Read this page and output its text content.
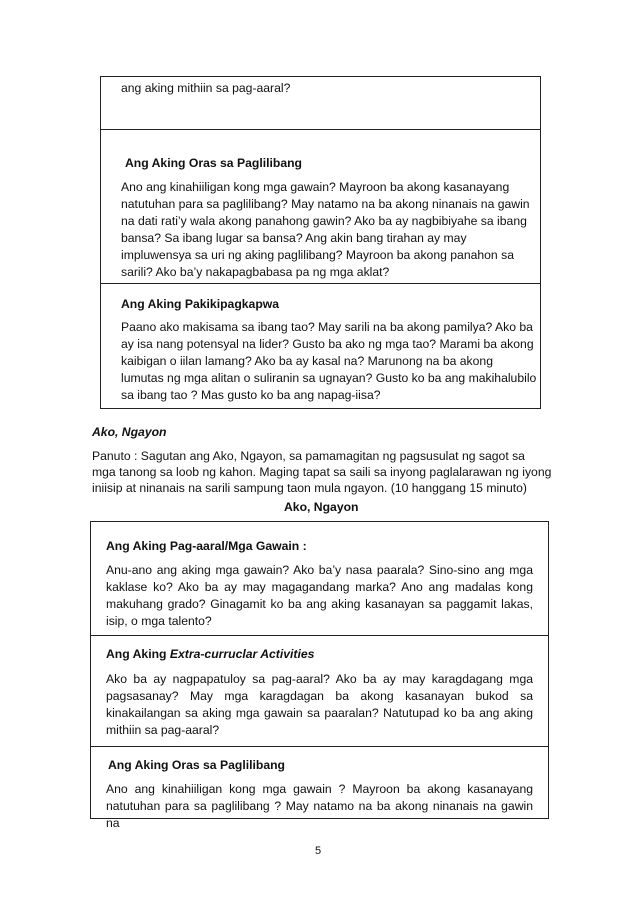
ang aking mithiin sa pag-aaral?
Ang Aking Oras sa Paglilibang
Ano ang kinahiiligan kong mga gawain? Mayroon ba akong kasanayang
natutuhan para sa paglilibang? May natamo na ba akong ninanais na gawin
na dati rati’y wala akong panahong gawin? Ako ba ay nagbibiyahe sa ibang
bansa? Sa ibang lugar sa bansa? Ang akin bang tirahan ay may
impluwensya sa uri ng aking paglilibang? Mayroon ba akong panahon sa
sarili? Ako ba’y nakapagbabasa pa ng mga aklat?
Ang Aking Pakikipagkapwa
Paano ako makisama sa ibang tao? May sarili na ba akong pamilya? Ako ba
ay isa nang potensyal na lider? Gusto ba ako ng mga tao? Marami ba akong
kaibigan o iilan lamang? Ako ba ay kasal na? Marunong na ba akong
lumutas ng mga alitan o suliranin sa ugnayan? Gusto ko ba ang makihalubilo
sa ibang tao ? Mas gusto ko ba ang napag-iisa?
Ako, Ngayon
Panuto : Sagutan ang Ako, Ngayon, sa pamamagitan ng pagsusulat ng sagot sa
mga tanong sa loob ng kahon. Maging tapat sa saili sa inyong paglalarawan ng iyong
iniisip at ninanais na sarili sampung taon mula ngayon. (10 hanggang 15 minuto)
Ako, Ngayon
Ang Aking Pag-aaral/Mga Gawain :
Anu-ano ang aking mga gawain? Ako ba’y nasa paarala? Sino-sino ang mga
kaklase ko? Ako ba ay may magagandang marka? Ano ang madalas kong
makuhang grado? Ginagamit ko ba ang aking kasanayan sa paggamit lakas,
isip, o mga talento?
Ang Aking Extra-curruclar Activities
Ako ba ay nagpapatuloy sa pag-aaral? Ako ba ay may karagdagang mga
pagsasanay? May mga karagdagan ba akong kasanayan bukod sa
kinakailangan sa aking mga gawain sa paaralan? Natutupad ko ba ang aking
mithiin sa pag-aaral?
Ang Aking Oras sa Paglilibang
Ano ang kinahiiligan kong mga gawain ? Mayroon ba akong kasanayang
natutuhan para sa paglilibang ? May natamo na ba akong ninanais na gawin na
5
